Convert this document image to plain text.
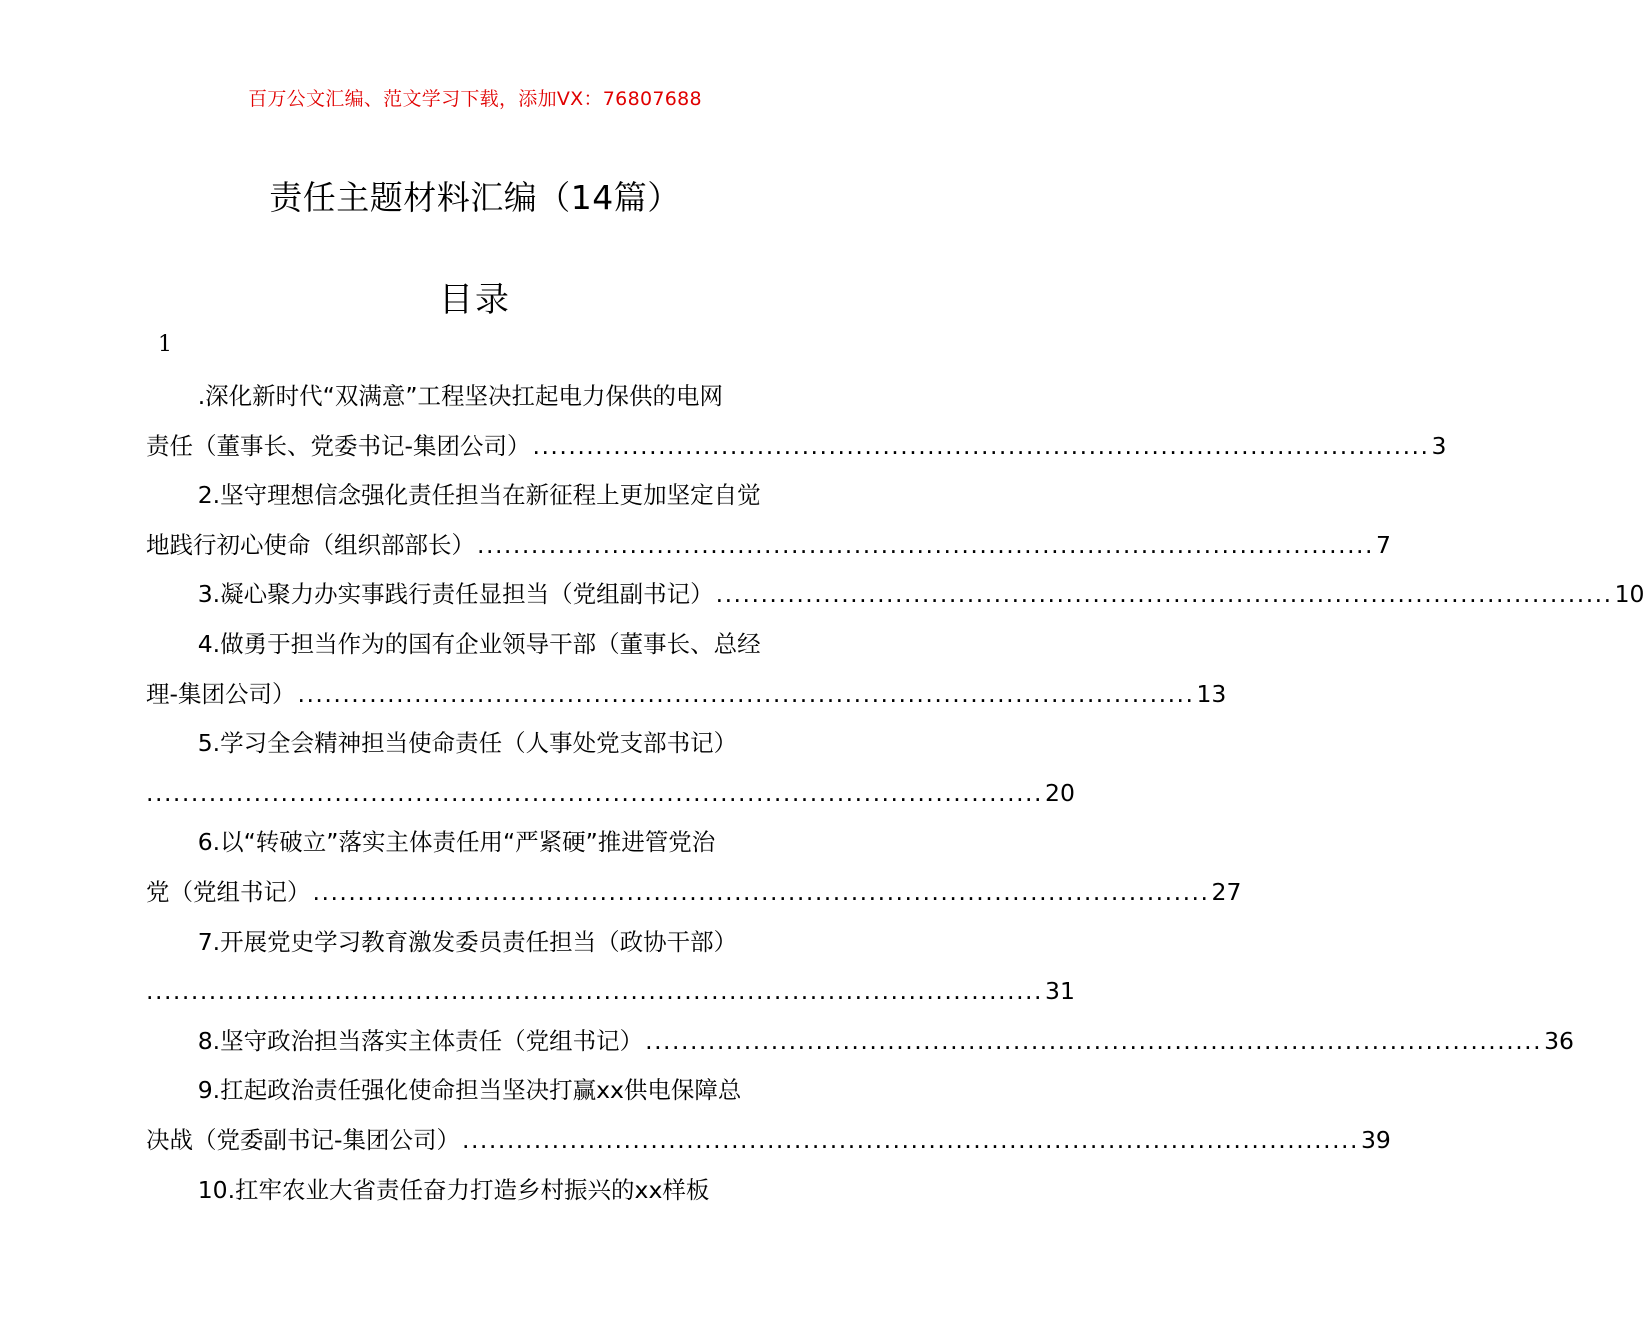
百万公文汇编、范文学习下载，添加VX：76807688
责任主题材料汇编（14篇）
目录
1
.深化新时代“双满意”工程坚决扛起电力保供的电网
责任（董事长、党委书记-集团公司） .................................................................................................... 3
2.坚守理想信念强化责任担当在新征程上更加坚定自觉
地践行初心使命（组织部部长） .................................................................................................... 7
3.凝心聚力办实事践行责任显担当（党组副书记） .................................................................................................... 10
4.做勇于担当作为的国有企业领导干部（董事长、总经
理-集团公司） .................................................................................................... 13
5.学习全会精神担当使命责任（人事处党支部书记）
.................................................................................................... 20
6.以“转破立”落实主体责任用“严紧硬”推进管党治
党（党组书记） .................................................................................................... 27
7.开展党史学习教育激发委员责任担当（政协干部）
.................................................................................................... 31
8.坚守政治担当落实主体责任（党组书记） .................................................................................................... 36
9.扛起政治责任强化使命担当坚决打赢xx供电保障总
决战（党委副书记-集团公司） .................................................................................................... 39
10.扛牢农业大省责任奋力打造乡村振兴的xx样板
